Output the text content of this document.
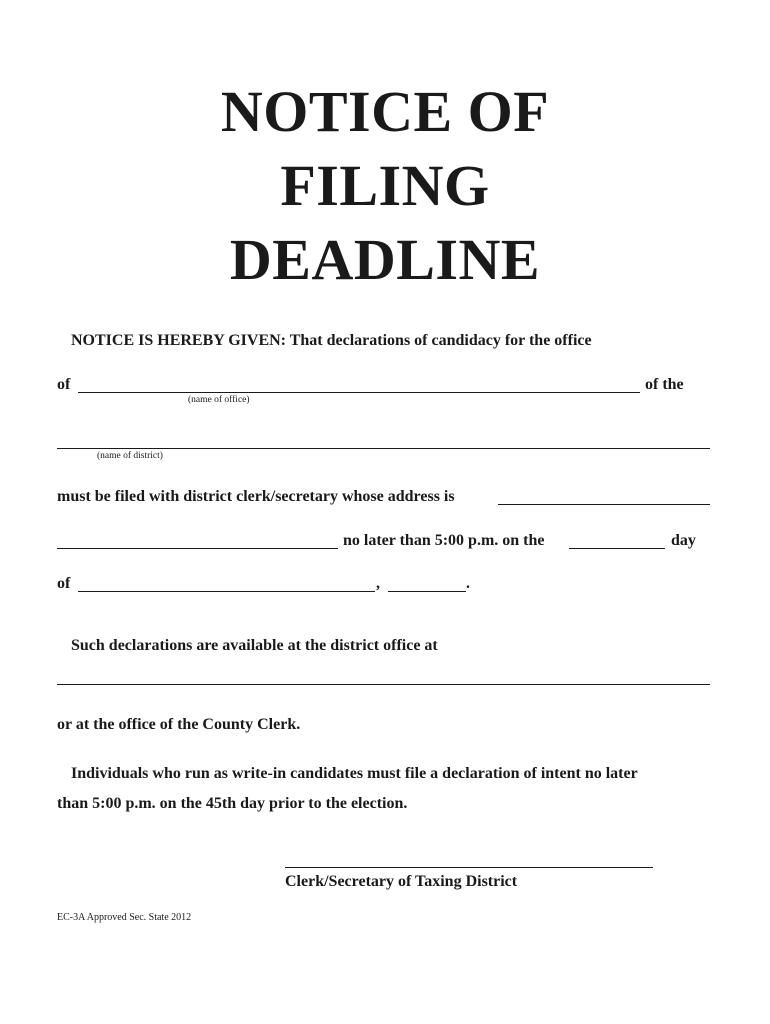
NOTICE OF
FILING
DEADLINE
NOTICE IS HEREBY GIVEN: That declarations of candidacy for the office
of	of the
(name of office)
(name of district)
must be filed with district clerk/secretary whose address is
no later than 5:00 p.m. on the	day
of	,	.
Such declarations are available at the district office at
or at the office of the County Clerk.
Individuals who run as write-in candidates must file a declaration of intent no later
than 5:00 p.m. on the 45th day prior to the election.
Clerk/Secretary of Taxing District
EC-3A Approved Sec. State 2012
